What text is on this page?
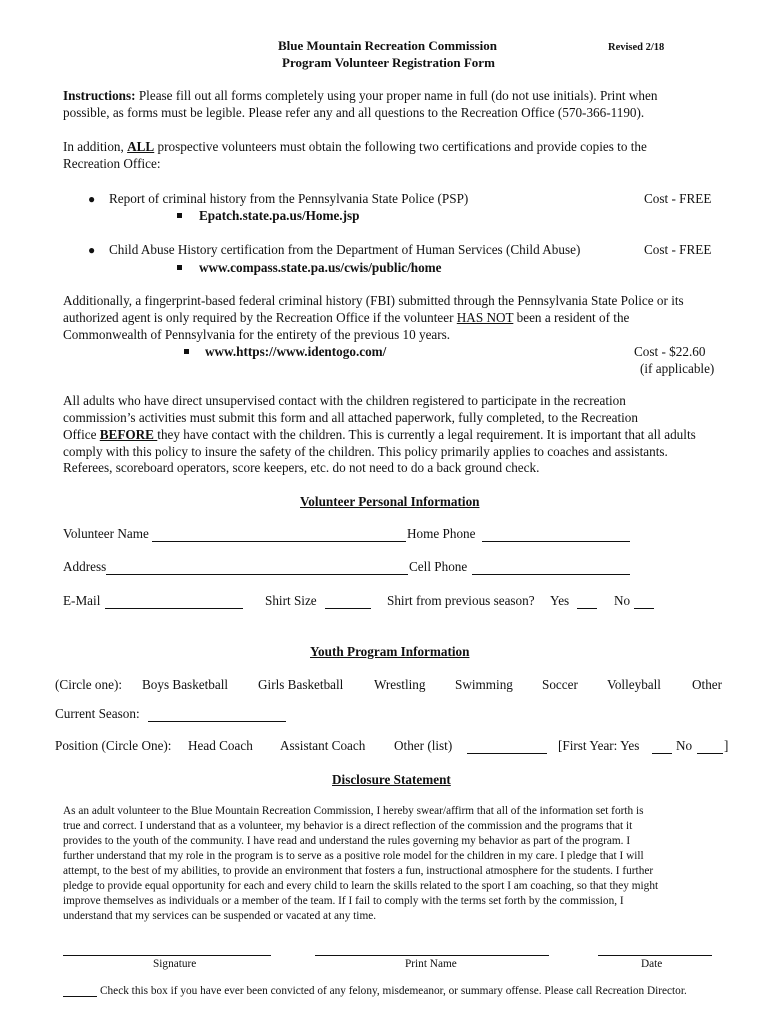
Blue Mountain Recreation Commission
Program Volunteer Registration Form
Revised 2/18
Instructions: Please fill out all forms completely using your proper name in full (do not use initials). Print when
possible, as forms must be legible. Please refer any and all questions to the Recreation Office (570-366-1190).
In addition, ALL prospective volunteers must obtain the following two certifications and provide copies to the
Recreation Office:
● Report of criminal history from the Pennsylvania State Police (PSP)	Cost - FREE
Epatch.state.pa.us/Home.jsp
● Child Abuse History certification from the Department of Human Services (Child Abuse)	Cost - FREE
www.compass.state.pa.us/cwis/public/home
Additionally, a fingerprint-based federal criminal history (FBI) submitted through the Pennsylvania State Police or its
authorized agent is only required by the Recreation Office if the volunteer HAS NOT been a resident of the
Commonwealth of Pennsylvania for the entirety of the previous 10 years.
www.https://www.identogo.com/	Cost - $22.60
(if applicable)
All adults who have direct unsupervised contact with the children registered to participate in the recreation
commission’s activities must submit this form and all attached paperwork, fully completed, to the Recreation
Office BEFORE they have contact with the children. This is currently a legal requirement. It is important that all adults
comply with this policy to insure the safety of the children. This policy primarily applies to coaches and assistants.
Referees, scoreboard operators, score keepers, etc. do not need to do a back ground check.
Volunteer Personal Information
Volunteer Name	Home Phone
Address	Cell Phone
E-Mail	Shirt Size	Shirt from previous season? Yes	No
Youth Program Information
(Circle one): Boys Basketball Girls Basketball Wrestling Swimming Soccer Volleyball Other
Current Season:
Position (Circle One): Head Coach Assistant Coach Other (list)	[First Year: Yes	No ]
Disclosure Statement
As an adult volunteer to the Blue Mountain Recreation Commission, I hereby swear/affirm that all of the information set forth is
true and correct. I understand that as a volunteer, my behavior is a direct reflection of the commission and the programs that it
provides to the youth of the community. I have read and understand the rules governing my behavior as part of the program. I
further understand that my role in the program is to serve as a positive role model for the children in my care. I pledge that I will
attempt, to the best of my abilities, to provide an environment that fosters a fun, instructional atmosphere for the students. I further
pledge to provide equal opportunity for each and every child to learn the skills related to the sport I am coaching, so that they might
improve themselves as individuals or a member of the team. If I fail to comply with the terms set forth by the commission, I
understand that my services can be suspended or vacated at any time.
Signature	Print Name	Date
Check this box if you have ever been convicted of any felony, misdemeanor, or summary offense. Please call Recreation Director.
